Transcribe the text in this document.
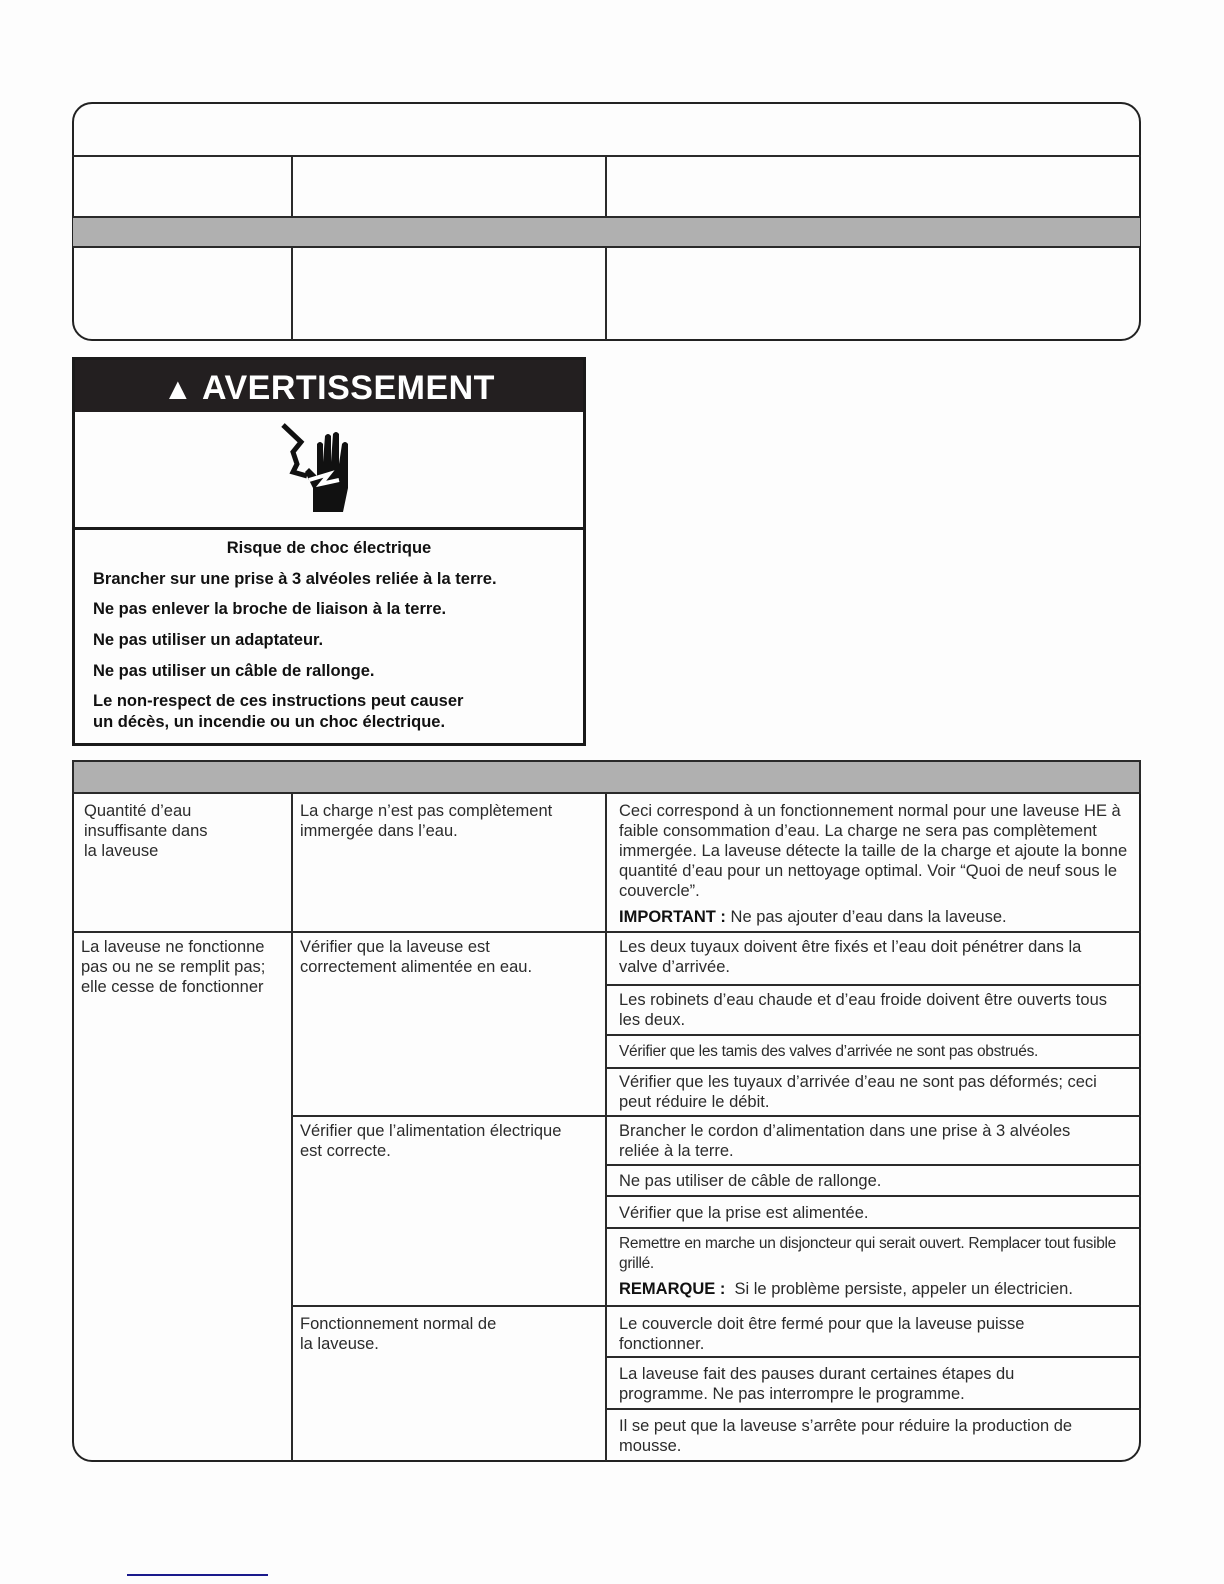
▲ AVERTISSEMENT
Risque de choc électrique
Brancher sur une prise à 3 alvéoles reliée à la terre.
Ne pas enlever la broche de liaison à la terre.
Ne pas utiliser un adaptateur.
Ne pas utiliser un câble de rallonge.
Le non-respect de ces instructions peut causer
un décès, un incendie ou un choc électrique.
Quantité d’eau insuffisante dans la laveuse
La charge n’est pas complètement immergée dans l’eau.

Ceci correspond à un fonctionnement normal pour une laveuse HE à faible consommation d’eau. La charge ne sera pas complètement immergée. La laveuse détecte la taille de la charge et ajoute la bonne quantité d’eau pour un nettoyage optimal. Voir “Quoi de neuf sous le couvercle”.

IMPORTANT : Ne pas ajouter d’eau dans la laveuse.

La laveuse ne fonctionne pas ou ne se remplit pas; elle cesse de fonctionner
Vérifier que la laveuse est correctement alimentée en eau.
Vérifier que l’alimentation électrique est correcte.
Fonctionnement normal de la laveuse.
Les deux tuyaux doivent être fixés et l’eau doit pénétrer dans la valve d’arrivée.
Les robinets d’eau chaude et d’eau froide doivent être ouverts tous les deux.
Vérifier que les tamis des valves d’arrivée ne sont pas obstrués.
Vérifier que les tuyaux d’arrivée d’eau ne sont pas déformés; ceci peut réduire le débit.
Brancher le cordon d’alimentation dans une prise à 3 alvéoles reliée à la terre.
Ne pas utiliser de câble de rallonge.
Vérifier que la prise est alimentée.

Remettre en marche un disjoncteur qui serait ouvert. Remplacer tout fusible grillé.

REMARQUE :  Si le problème persiste, appeler un électricien.

Le couvercle doit être fermé pour que la laveuse puisse fonctionner.
La laveuse fait des pauses durant certaines étapes du programme. Ne pas interrompre le programme.
Il se peut que la laveuse s’arrête pour réduire la production de mousse.
